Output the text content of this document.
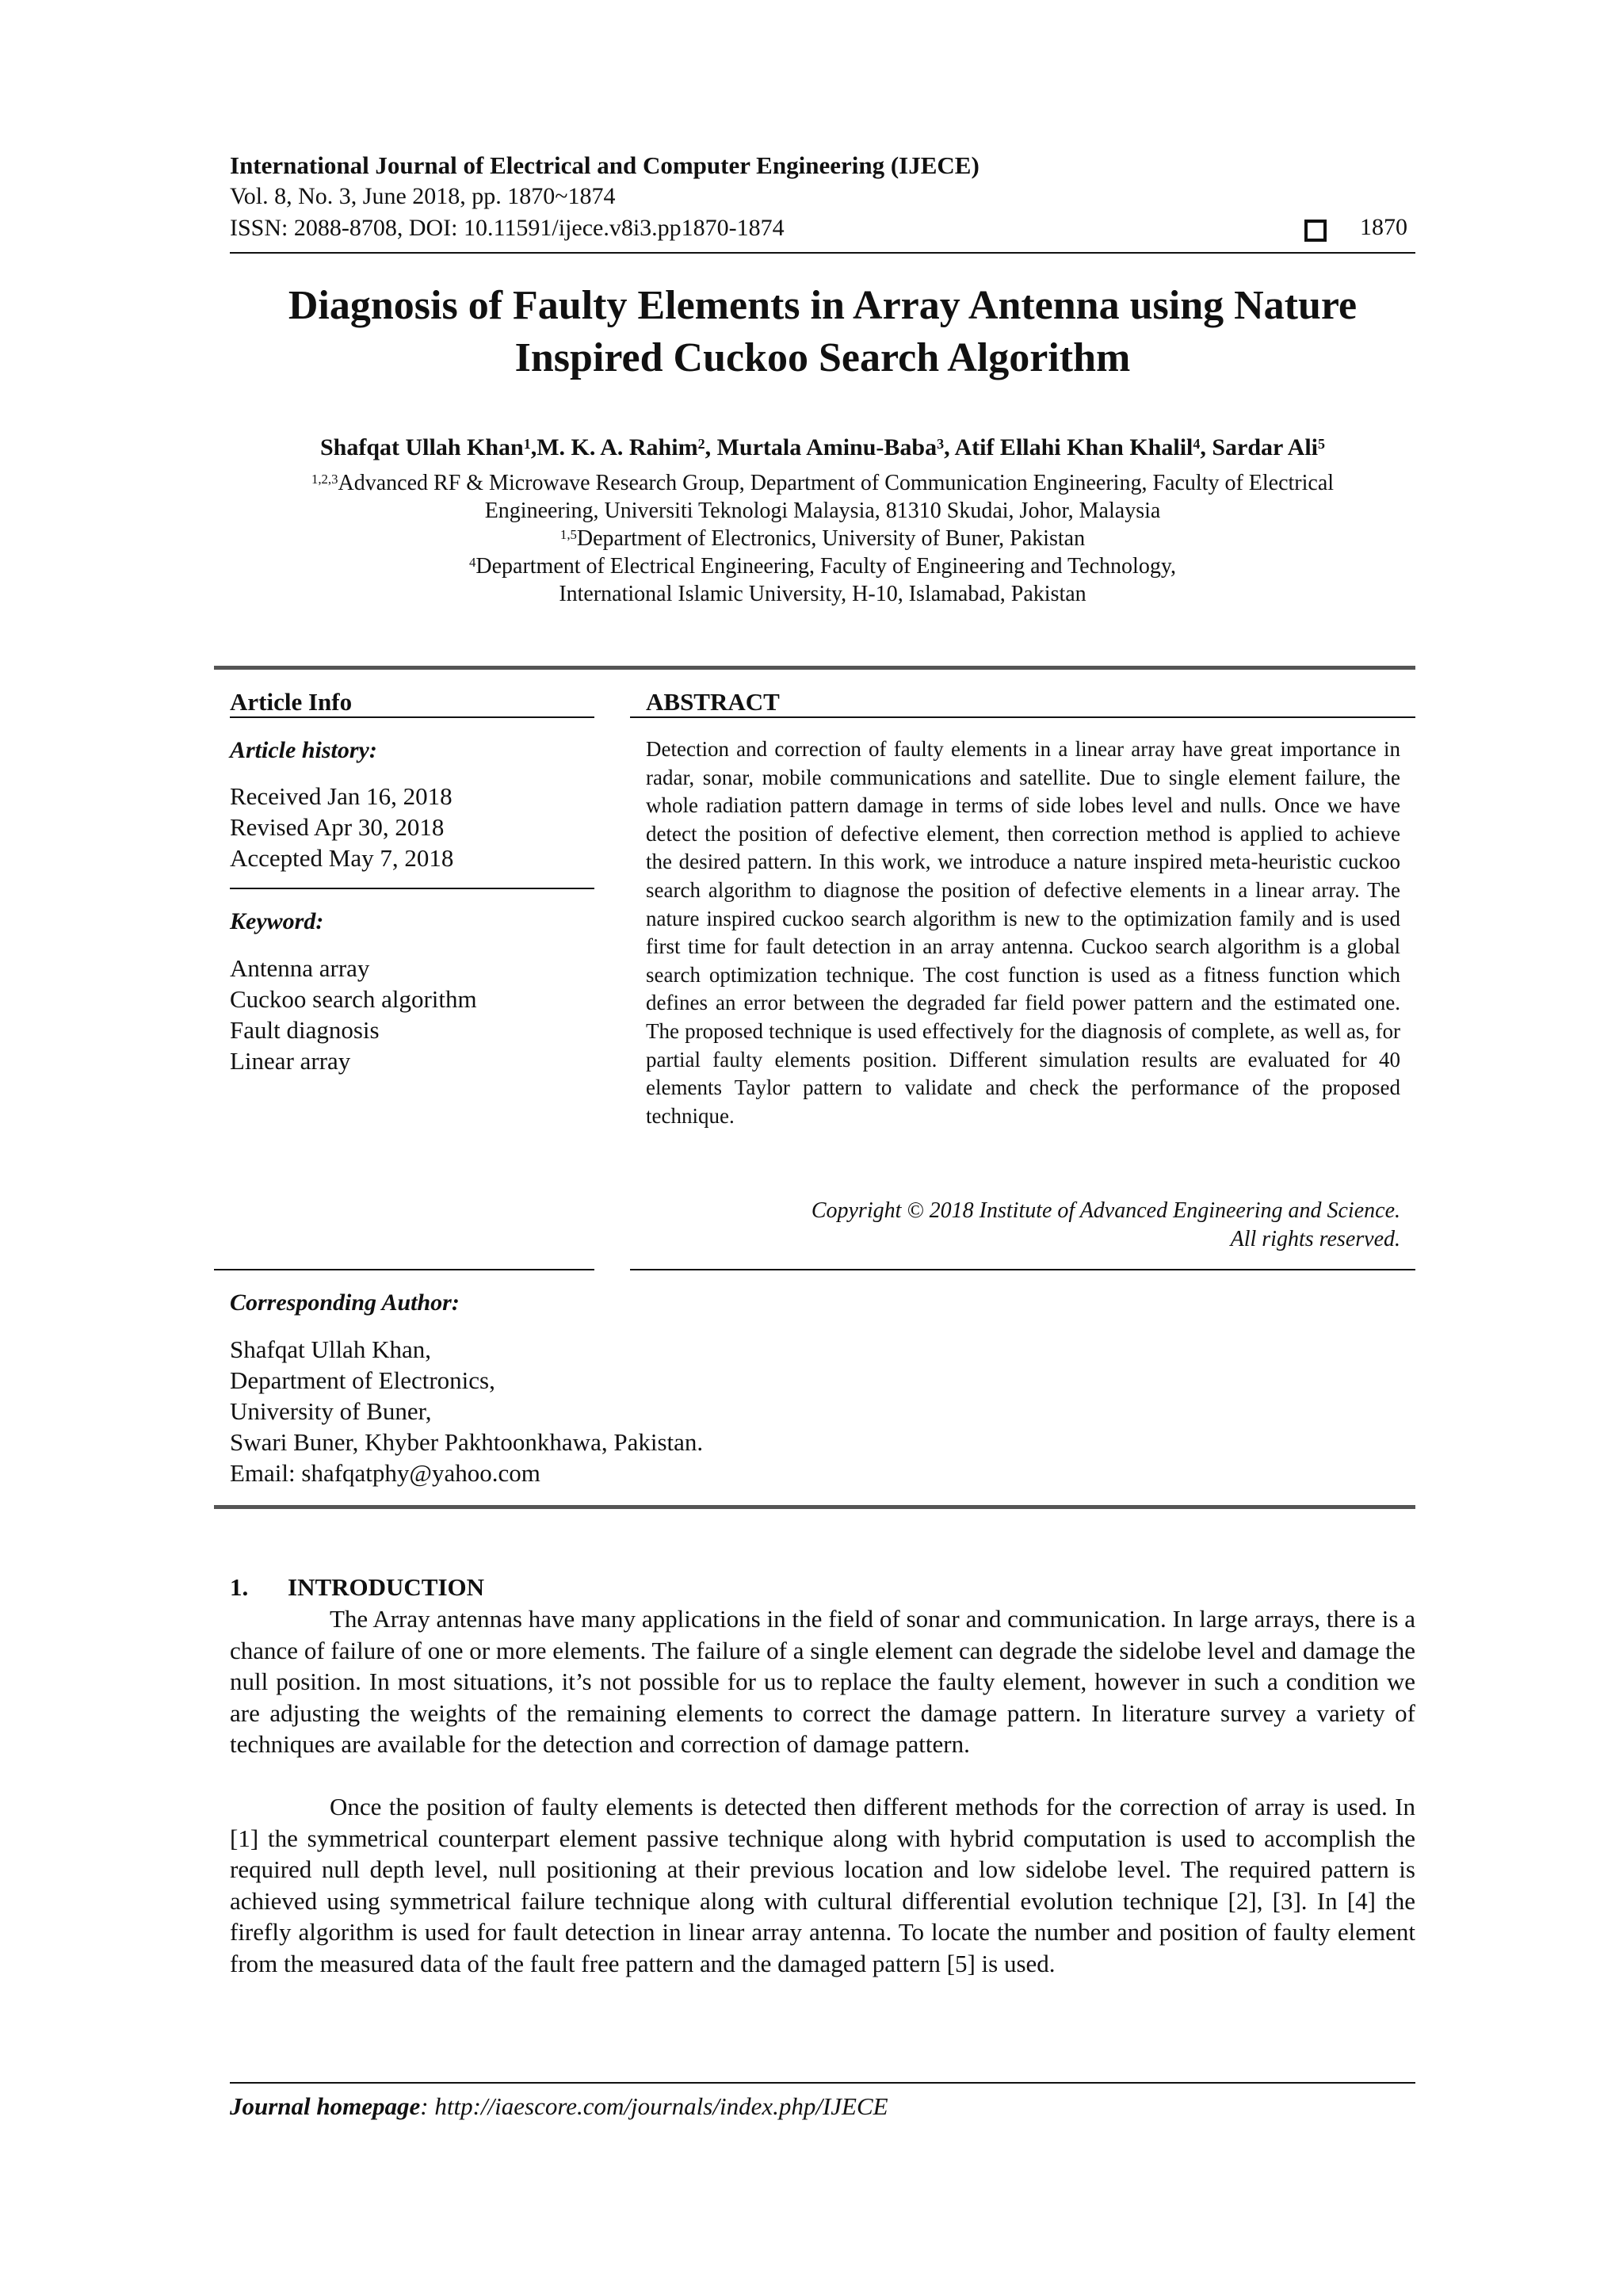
International Journal of Electrical and Computer Engineering (IJECE)
Vol. 8, No. 3, June 2018, pp. 1870~1874
ISSN: 2088-8708, DOI: 10.11591/ijece.v8i3.pp1870-1874	1870
Diagnosis of Faulty Elements in Array Antenna using Nature
Inspired Cuckoo Search Algorithm
Shafqat Ullah Khan$^1$,M. K. A. Rahim$^2$, Murtala Aminu-Baba$^3$, Atif Ellahi Khan Khalil$^4$, Sardar Ali$^5$
$^{1,2,3}$Advanced RF & Microwave Research Group, Department of Communication Engineering, Faculty of Electrical
Engineering, Universiti Teknologi Malaysia, 81310 Skudai, Johor, Malaysia
$^{1,5}$Department of Electronics, University of Buner, Pakistan
$^4$Department of Electrical Engineering, Faculty of Engineering and Technology,
International Islamic University, H-10, Islamabad, Pakistan
Article Info
Article history:
Received Jan 16, 2018
Revised Apr 30, 2018
Accepted May 7, 2018
Keyword:
Antenna array
Cuckoo search algorithm
Fault diagnosis
Linear array
ABSTRACT
Detection and correction of faulty elements in a linear array have great importance in radar, sonar, mobile communications and satellite. Due to single element failure, the whole radiation pattern damage in terms of side lobes level and nulls. Once we have detect the position of defective element, then correction method is applied to achieve the desired pattern. In this work, we introduce a nature inspired meta-heuristic cuckoo search algorithm to diagnose the position of defective elements in a linear array. The nature inspired cuckoo search algorithm is new to the optimization family and is used first time for fault detection in an array antenna. Cuckoo search algorithm is a global search optimization technique. The cost function is used as a fitness function which defines an error between the degraded far field power pattern and the estimated one. The proposed technique is used effectively for the diagnosis of complete, as well as, for partial faulty elements position. Different simulation results are evaluated for 40 elements Taylor pattern to validate and check the performance of the proposed technique.
Copyright © 2018 Institute of Advanced Engineering and Science.
All rights reserved.
Corresponding Author:
Shafqat Ullah Khan,
Department of Electronics,
University of Buner,
Swari Buner, Khyber Pakhtoonkhawa, Pakistan.
Email: shafqatphy@yahoo.com
1. INTRODUCTION
The Array antennas have many applications in the field of sonar and communication. In large arrays, there is a chance of failure of one or more elements. The failure of a single element can degrade the sidelobe level and damage the null position. In most situations, it’s not possible for us to replace the faulty element, however in such a condition we are adjusting the weights of the remaining elements to correct the damage pattern. In literature survey a variety of techniques are available for the detection and correction of damage pattern.
Once the position of faulty elements is detected then different methods for the correction of array is used. In [1] the symmetrical counterpart element passive technique along with hybrid computation is used to accomplish the required null depth level, null positioning at their previous location and low sidelobe level. The required pattern is achieved using symmetrical failure technique along with cultural differential evolution technique [2], [3]. In [4] the firefly algorithm is used for fault detection in linear array antenna. To locate the number and position of faulty element from the measured data of the fault free pattern and the damaged pattern [5] is used.
Journal homepage: http://iaescore.com/journals/index.php/IJECE
